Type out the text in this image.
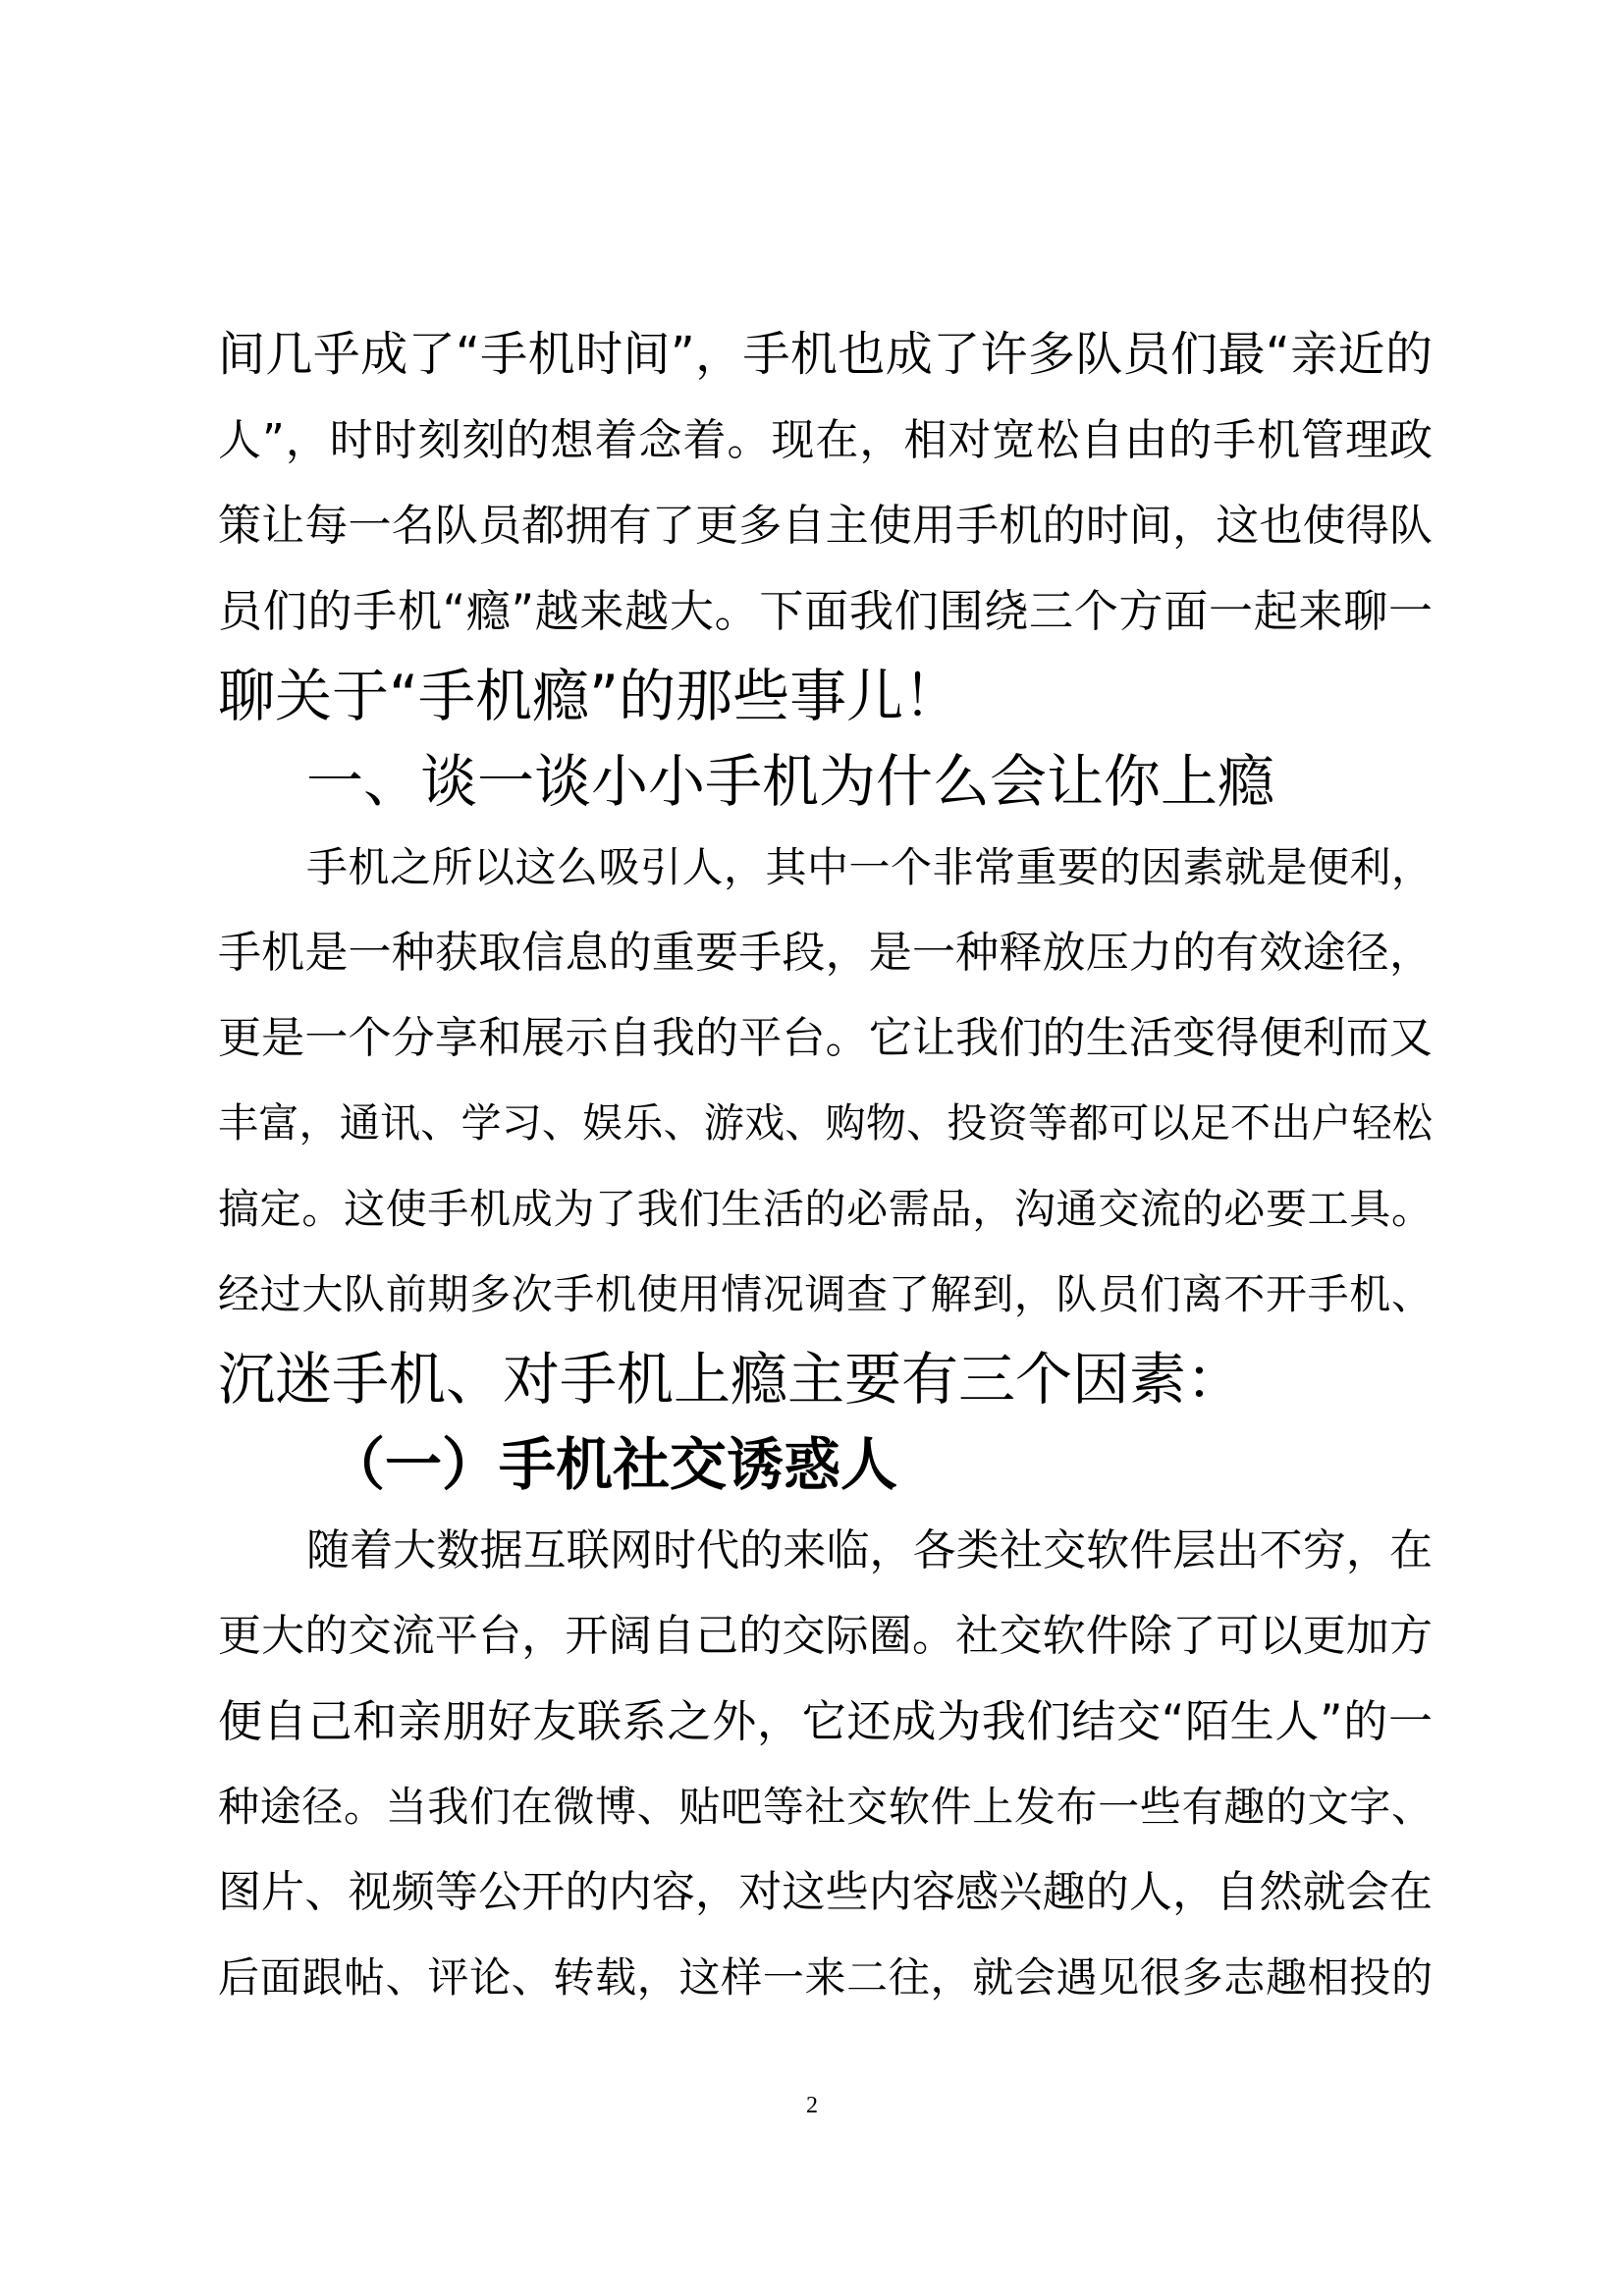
间几乎成了“手机时间”，手机也成了许多队员们最“亲近的
人”，时时刻刻的想着念着。现在，相对宽松自由的手机管理政
策让每一名队员都拥有了更多自主使用手机的时间，这也使得队
员们的手机“瘾”越来越大。下面我们围绕三个方面一起来聊一
聊关于“手机瘾”的那些事儿！
一、谈一谈小小手机为什么会让你上瘾
手机之所以这么吸引人，其中一个非常重要的因素就是便利，
手机是一种获取信息的重要手段，是一种释放压力的有效途径，
更是一个分享和展示自我的平台。它让我们的生活变得便利而又
丰富，通讯、学习、娱乐、游戏、购物、投资等都可以足不出户轻松
搞定。这使手机成为了我们生活的必需品，沟通交流的必要工具。
经过大队前期多次手机使用情况调查了解到，队员们离不开手机、
沉迷手机、对手机上瘾主要有三个因素：
（一）手机社交诱惑人
随着大数据互联网时代的来临，各类社交软件层出不穷，在
更大的交流平台，开阔自己的交际圈。社交软件除了可以更加方
便自己和亲朋好友联系之外，它还成为我们结交“陌生人”的一
种途径。当我们在微博、贴吧等社交软件上发布一些有趣的文字、
图片、视频等公开的内容，对这些内容感兴趣的人，自然就会在
后面跟帖、评论、转载，这样一来二往，就会遇见很多志趣相投的
2
